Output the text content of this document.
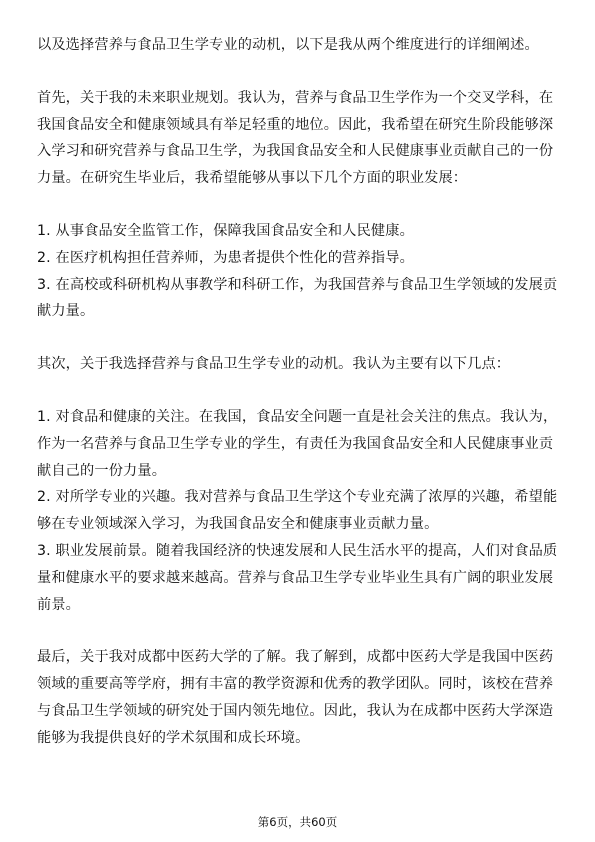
以及选择营养与食品卫生学专业的动机，以下是我从两个维度进行的详细阐述。

首先，关于我的未来职业规划。我认为，营养与食品卫生学作为一个交叉学科，在我国食品安全和健康领域具有举足轻重的地位。因此，我希望在研究生阶段能够深入学习和研究营养与食品卫生学，为我国食品安全和人民健康事业贡献自己的一份力量。在研究生毕业后，我希望能够从事以下几个方面的职业发展：

1. 从事食品安全监管工作，保障我国食品安全和人民健康。

2. 在医疗机构担任营养师，为患者提供个性化的营养指导。

3. 在高校或科研机构从事教学和科研工作，为我国营养与食品卫生学领域的发展贡献力量。

其次，关于我选择营养与食品卫生学专业的动机。我认为主要有以下几点：

1. 对食品和健康的关注。在我国，食品安全问题一直是社会关注的焦点。我认为，作为一名营养与食品卫生学专业的学生，有责任为我国食品安全和人民健康事业贡献自己的一份力量。

2. 对所学专业的兴趣。我对营养与食品卫生学这个专业充满了浓厚的兴趣，希望能够在专业领域深入学习，为我国食品安全和健康事业贡献力量。

3. 职业发展前景。随着我国经济的快速发展和人民生活水平的提高，人们对食品质量和健康水平的要求越来越高。营养与食品卫生学专业毕业生具有广阔的职业发展前景。

最后，关于我对成都中医药大学的了解。我了解到，成都中医药大学是我国中医药领域的重要高等学府，拥有丰富的教学资源和优秀的教学团队。同时，该校在营养与食品卫生学领域的研究处于国内领先地位。因此，我认为在成都中医药大学深造能够为我提供良好的学术氛围和成长环境。

第6页，共60页
